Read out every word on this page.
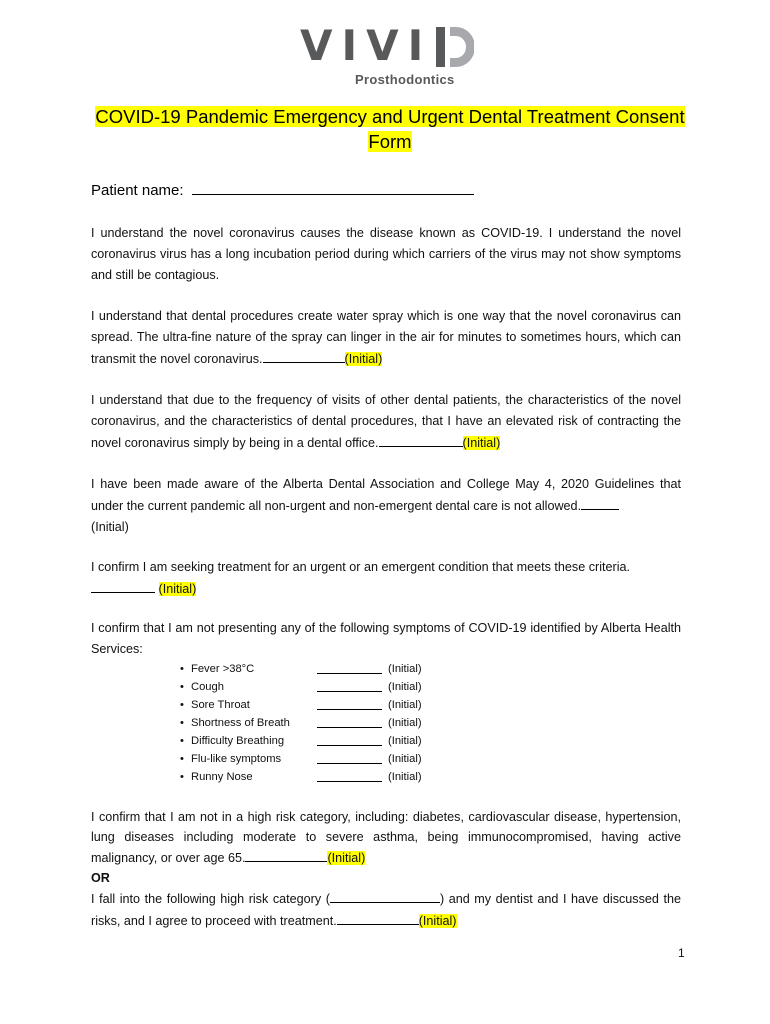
VIVI
Prosthodontics
COVID-19 Pandemic Emergency and Urgent Dental Treatment Consent
Form
Patient name:
I understand the novel coronavirus causes the disease known as COVID-19. I understand the novel coronavirus virus has a long incubation period during which carriers of the virus may not show symptoms and still be contagious.
I understand that dental procedures create water spray which is one way that the novel coronavirus can spread. The ultra-fine nature of the spray can linger in the air for minutes to sometimes hours, which can transmit the novel coronavirus.	(Initial)
I understand that due to the frequency of visits of other dental patients, the characteristics of the novel coronavirus, and the characteristics of dental procedures, that I have an elevated risk of contracting the novel coronavirus simply by being in a dental office.	(Initial)
I have been made aware of the Alberta Dental Association and College May 4, 2020 Guidelines that under the current pandemic all non-urgent and non-emergent dental care is not allowed.
(Initial)
I confirm I am seeking treatment for an urgent or an emergent condition that meets these criteria.
(Initial)
I confirm that I am not presenting any of the following symptoms of COVID-19 identified by Alberta Health Services:
• Fever >38°C	(Initial)
• Cough	(Initial)
• Sore Throat	(Initial)
• Shortness of Breath	(Initial)
• Difficulty Breathing	(Initial)
• Flu-like symptoms	(Initial)
• Runny Nose	(Initial)
I confirm that I am not in a high risk category, including: diabetes, cardiovascular disease, hypertension, lung diseases including moderate to severe asthma, being immunocompromised, having active malignancy, or over age 65.	(Initial)
OR
I fall into the following high risk category (	) and my dentist and I have discussed the risks, and I agree to proceed with treatment.	(Initial)
1
